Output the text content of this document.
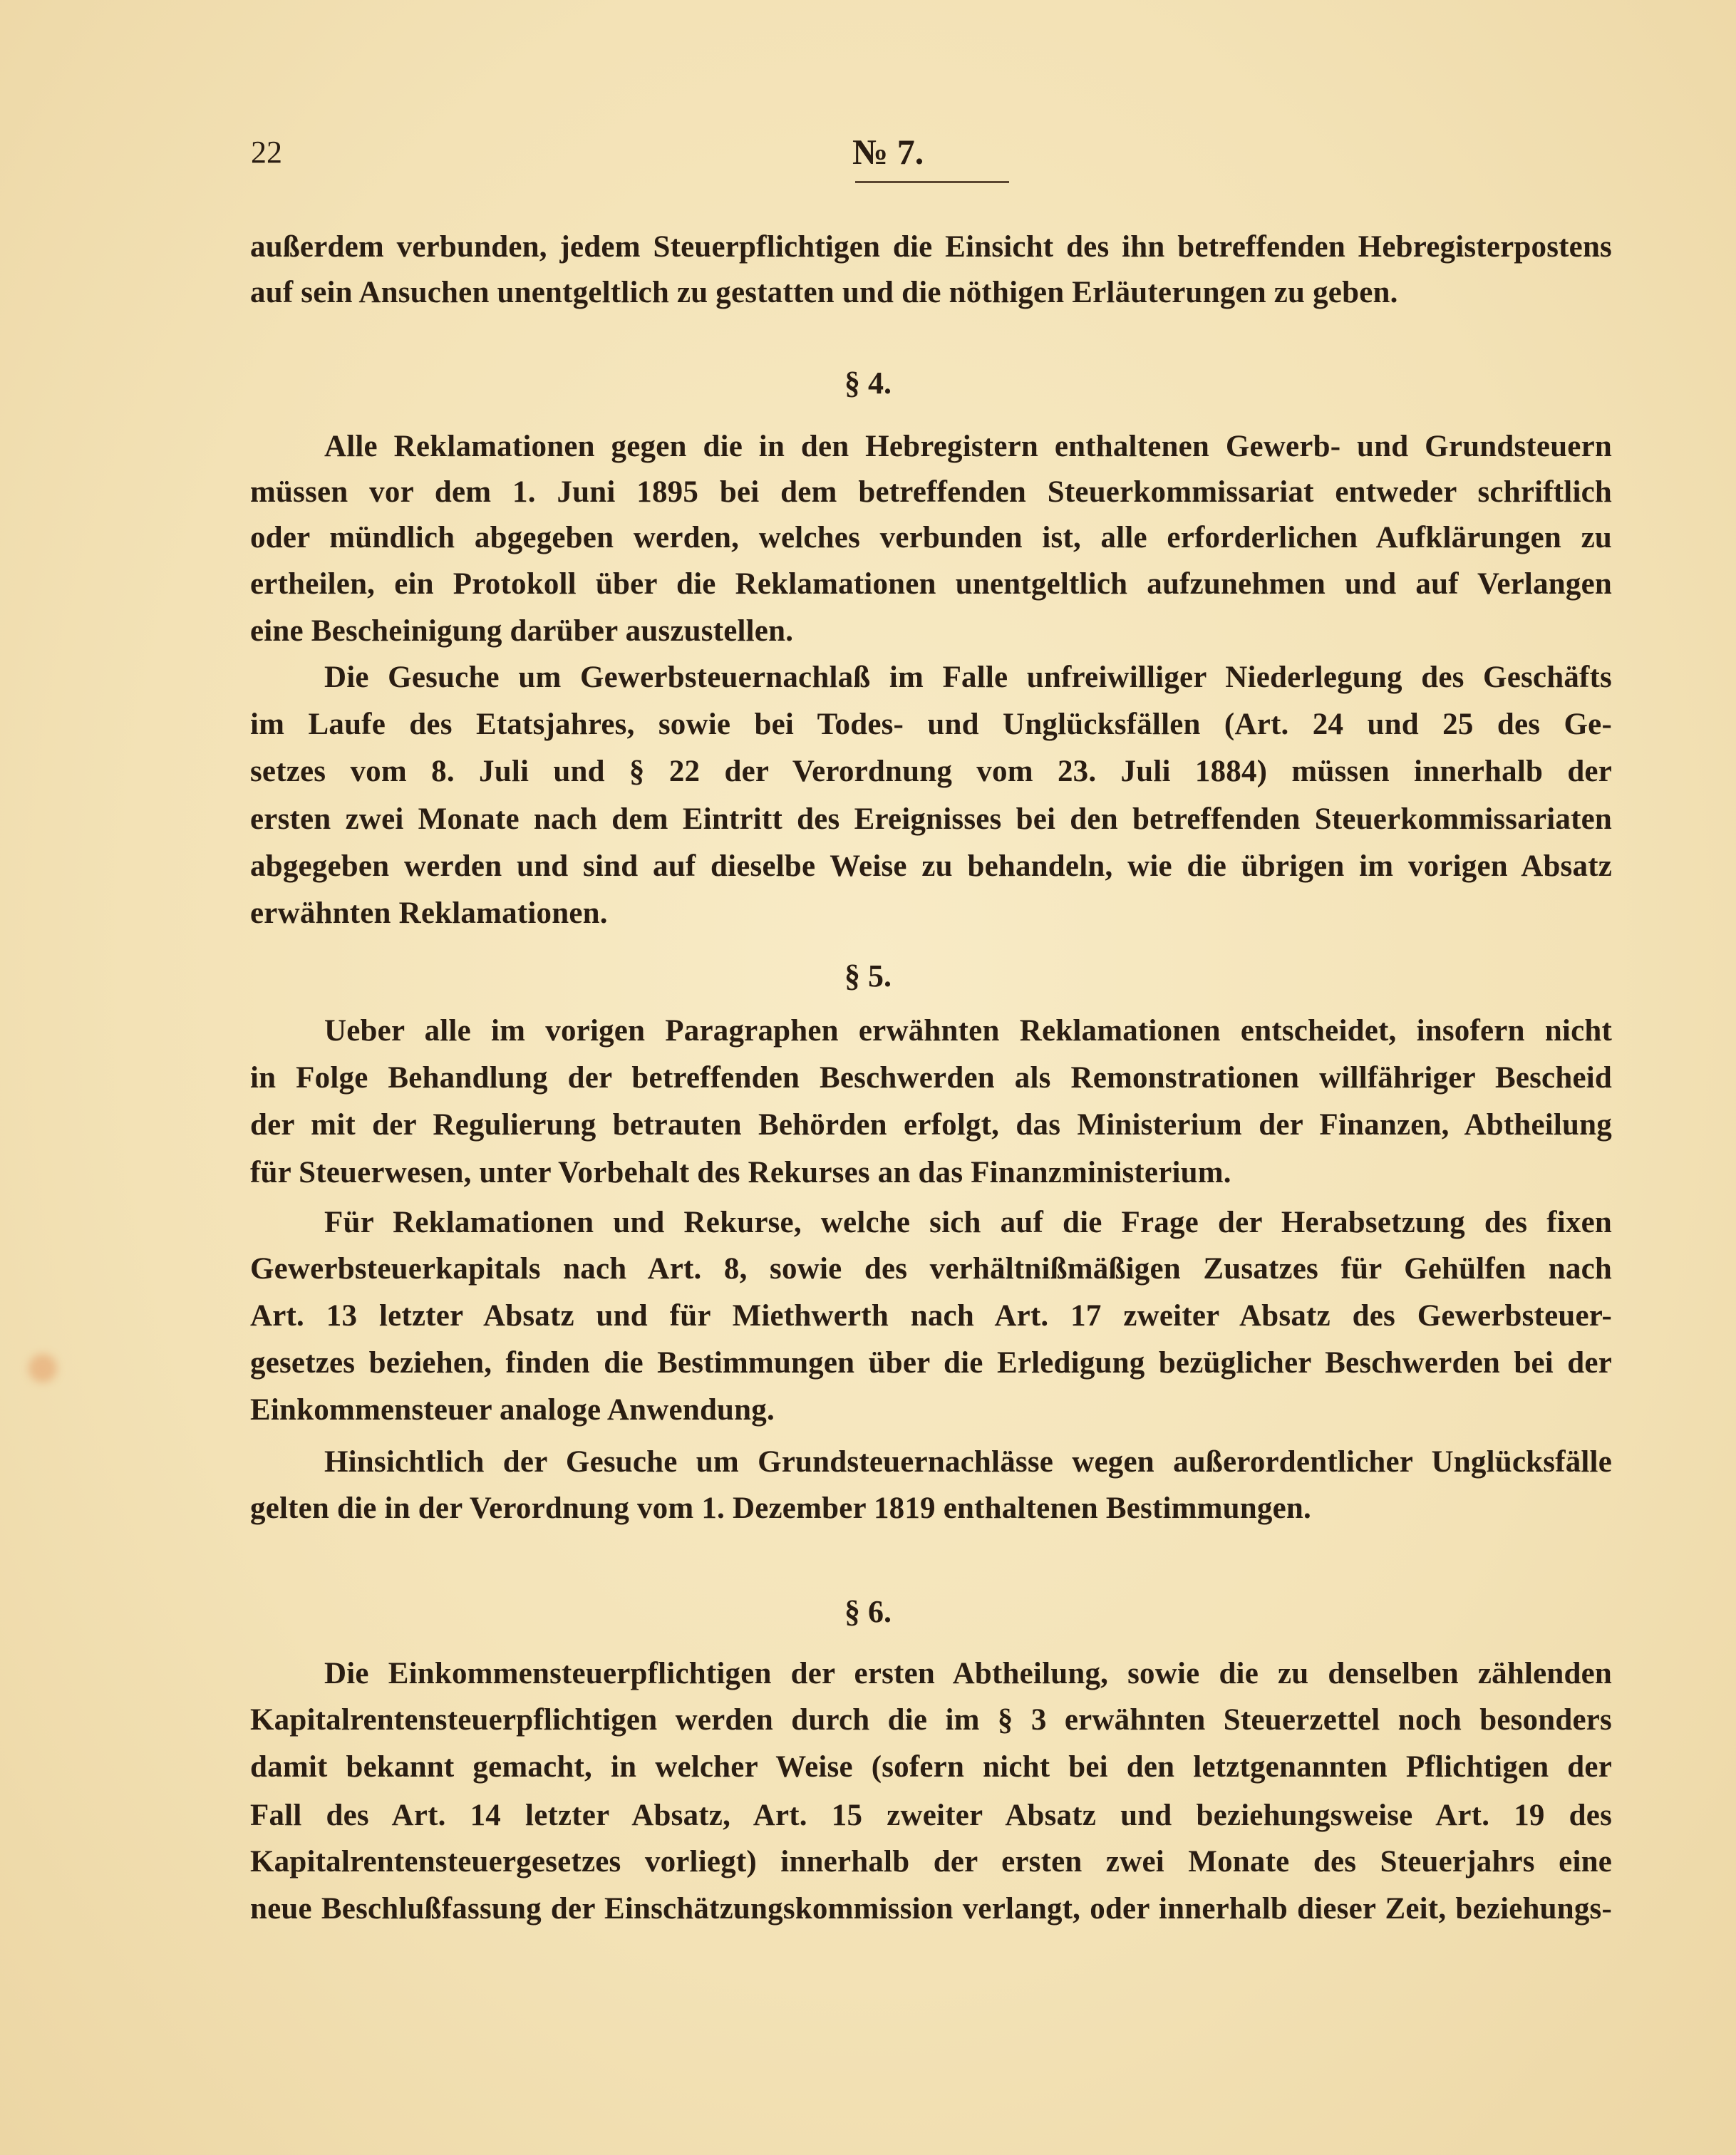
22	№ 7.
außerdem verbunden, jedem Steuerpflichtigen die Einsicht des ihn betreffenden Hebregisterpostens
auf sein Ansuchen unentgeltlich zu gestatten und die nöthigen Erläuterungen zu geben.
§ 4.
Alle Reklamationen gegen die in den Hebregistern enthaltenen Gewerb- und Grundsteuern
müssen vor dem 1. Juni 1895 bei dem betreffenden Steuerkommissariat entweder schriftlich
oder mündlich abgegeben werden, welches verbunden ist, alle erforderlichen Aufklärungen zu
ertheilen, ein Protokoll über die Reklamationen unentgeltlich aufzunehmen und auf Verlangen
eine Bescheinigung darüber auszustellen.
Die Gesuche um Gewerbsteuernachlaß im Falle unfreiwilliger Niederlegung des Geschäfts
im Laufe des Etatsjahres, sowie bei Todes- und Unglücksfällen (Art. 24 und 25 des Ge-
setzes vom 8. Juli und § 22 der Verordnung vom 23. Juli 1884) müssen innerhalb der
ersten zwei Monate nach dem Eintritt des Ereignisses bei den betreffenden Steuerkommissariaten
abgegeben werden und sind auf dieselbe Weise zu behandeln, wie die übrigen im vorigen Absatz
erwähnten Reklamationen.
§ 5.
Ueber alle im vorigen Paragraphen erwähnten Reklamationen entscheidet, insofern nicht
in Folge Behandlung der betreffenden Beschwerden als Remonstrationen willfähriger Bescheid
der mit der Regulierung betrauten Behörden erfolgt, das Ministerium der Finanzen, Abtheilung
für Steuerwesen, unter Vorbehalt des Rekurses an das Finanzministerium.
Für Reklamationen und Rekurse, welche sich auf die Frage der Herabsetzung des fixen
Gewerbsteuerkapitals nach Art. 8, sowie des verhältnißmäßigen Zusatzes für Gehülfen nach
Art. 13 letzter Absatz und für Miethwerth nach Art. 17 zweiter Absatz des Gewerbsteuer-
gesetzes beziehen, finden die Bestimmungen über die Erledigung bezüglicher Beschwerden bei der
Einkommensteuer analoge Anwendung.
Hinsichtlich der Gesuche um Grundsteuernachlässe wegen außerordentlicher Unglücksfälle
gelten die in der Verordnung vom 1. Dezember 1819 enthaltenen Bestimmungen.
§ 6.
Die Einkommensteuerpflichtigen der ersten Abtheilung, sowie die zu denselben zählenden
Kapitalrentensteuerpflichtigen werden durch die im § 3 erwähnten Steuerzettel noch besonders
damit bekannt gemacht, in welcher Weise (sofern nicht bei den letztgenannten Pflichtigen der
Fall des Art. 14 letzter Absatz, Art. 15 zweiter Absatz und beziehungsweise Art. 19 des
Kapitalrentensteuergesetzes vorliegt) innerhalb der ersten zwei Monate des Steuerjahrs eine
neue Beschlußfassung der Einschätzungskommission verlangt, oder innerhalb dieser Zeit, beziehungs-
